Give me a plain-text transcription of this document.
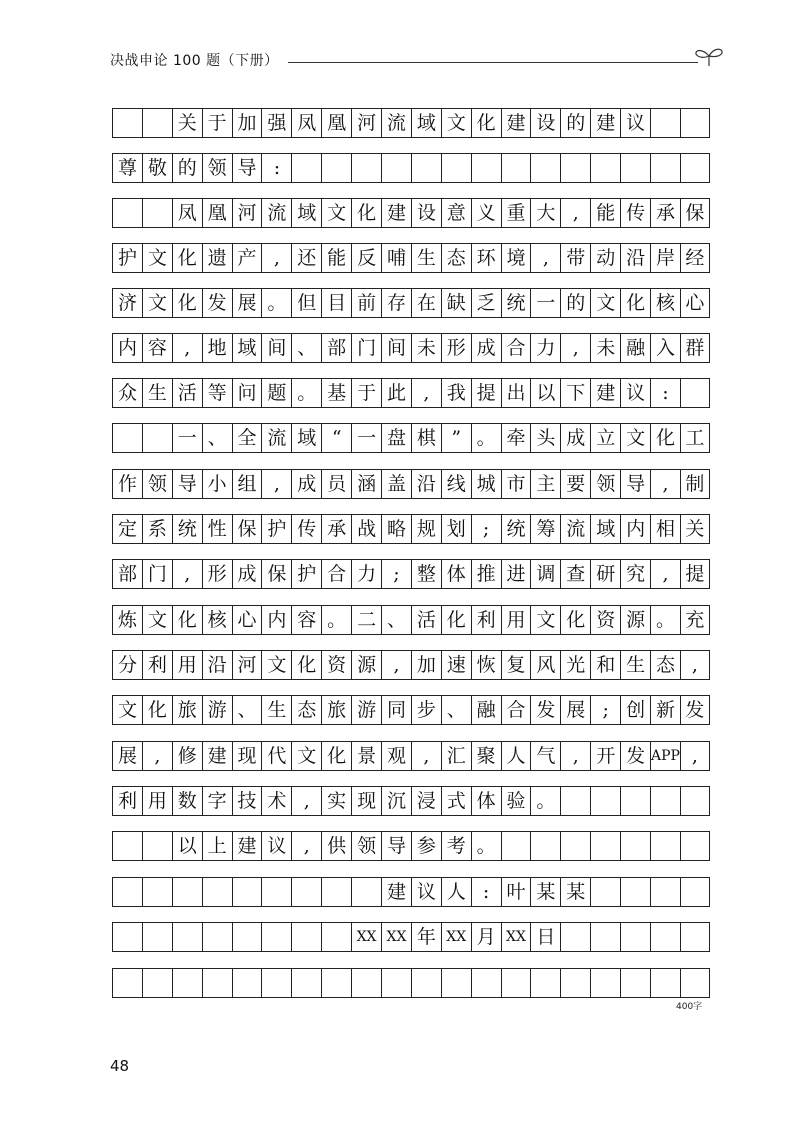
决战申论 100 题（下册）
关 于 加 强 凤 凰 河 流 域 文 化 建 设 的 建 议
尊 敬 的 领 导 :
凤 凰 河 流 域 文 化 建 设 意 义 重 大 , 能 传 承 保
护 文 化 遗 产 , 还 能 反 哺 生 态 环 境 , 带 动 沿 岸 经
济 文 化 发 展 。 但 目 前 存 在 缺 乏 统 一 的 文 化 核 心
内 容 , 地 域 间 、 部 门 间 未 形 成 合 力 , 未 融 入 群
众 生 活 等 问 题 。 基 于 此 , 我 提 出 以 下 建 议 :
一 、 全 流 域 “ 一 盘 棋 ” 。 牵 头 成 立 文 化 工
作 领 导 小 组 , 成 员 涵 盖 沿 线 城 市 主 要 领 导 , 制
定 系 统 性 保 护 传 承 战 略 规 划 ; 统 筹 流 域 内 相 关
部 门 , 形 成 保 护 合 力 ; 整 体 推 进 调 查 研 究 , 提
炼 文 化 核 心 内 容 。 二 、 活 化 利 用 文 化 资 源 。 充
分 利 用 沿 河 文 化 资 源 , 加 速 恢 复 风 光 和 生 态 ,
文 化 旅 游 、 生 态 旅 游 同 步 、 融 合 发 展 ; 创 新 发
展 , 修 建 现 代 文 化 景 观 , 汇 聚 人 气 , 开 发 APP ,
利 用 数 字 技 术 , 实 现 沉 浸 式 体 验 。
以 上 建 议 , 供 领 导 参 考 。
建 议 人 : 叶 某 某
XX XX 年 XX 月 XX 日
400字
48
